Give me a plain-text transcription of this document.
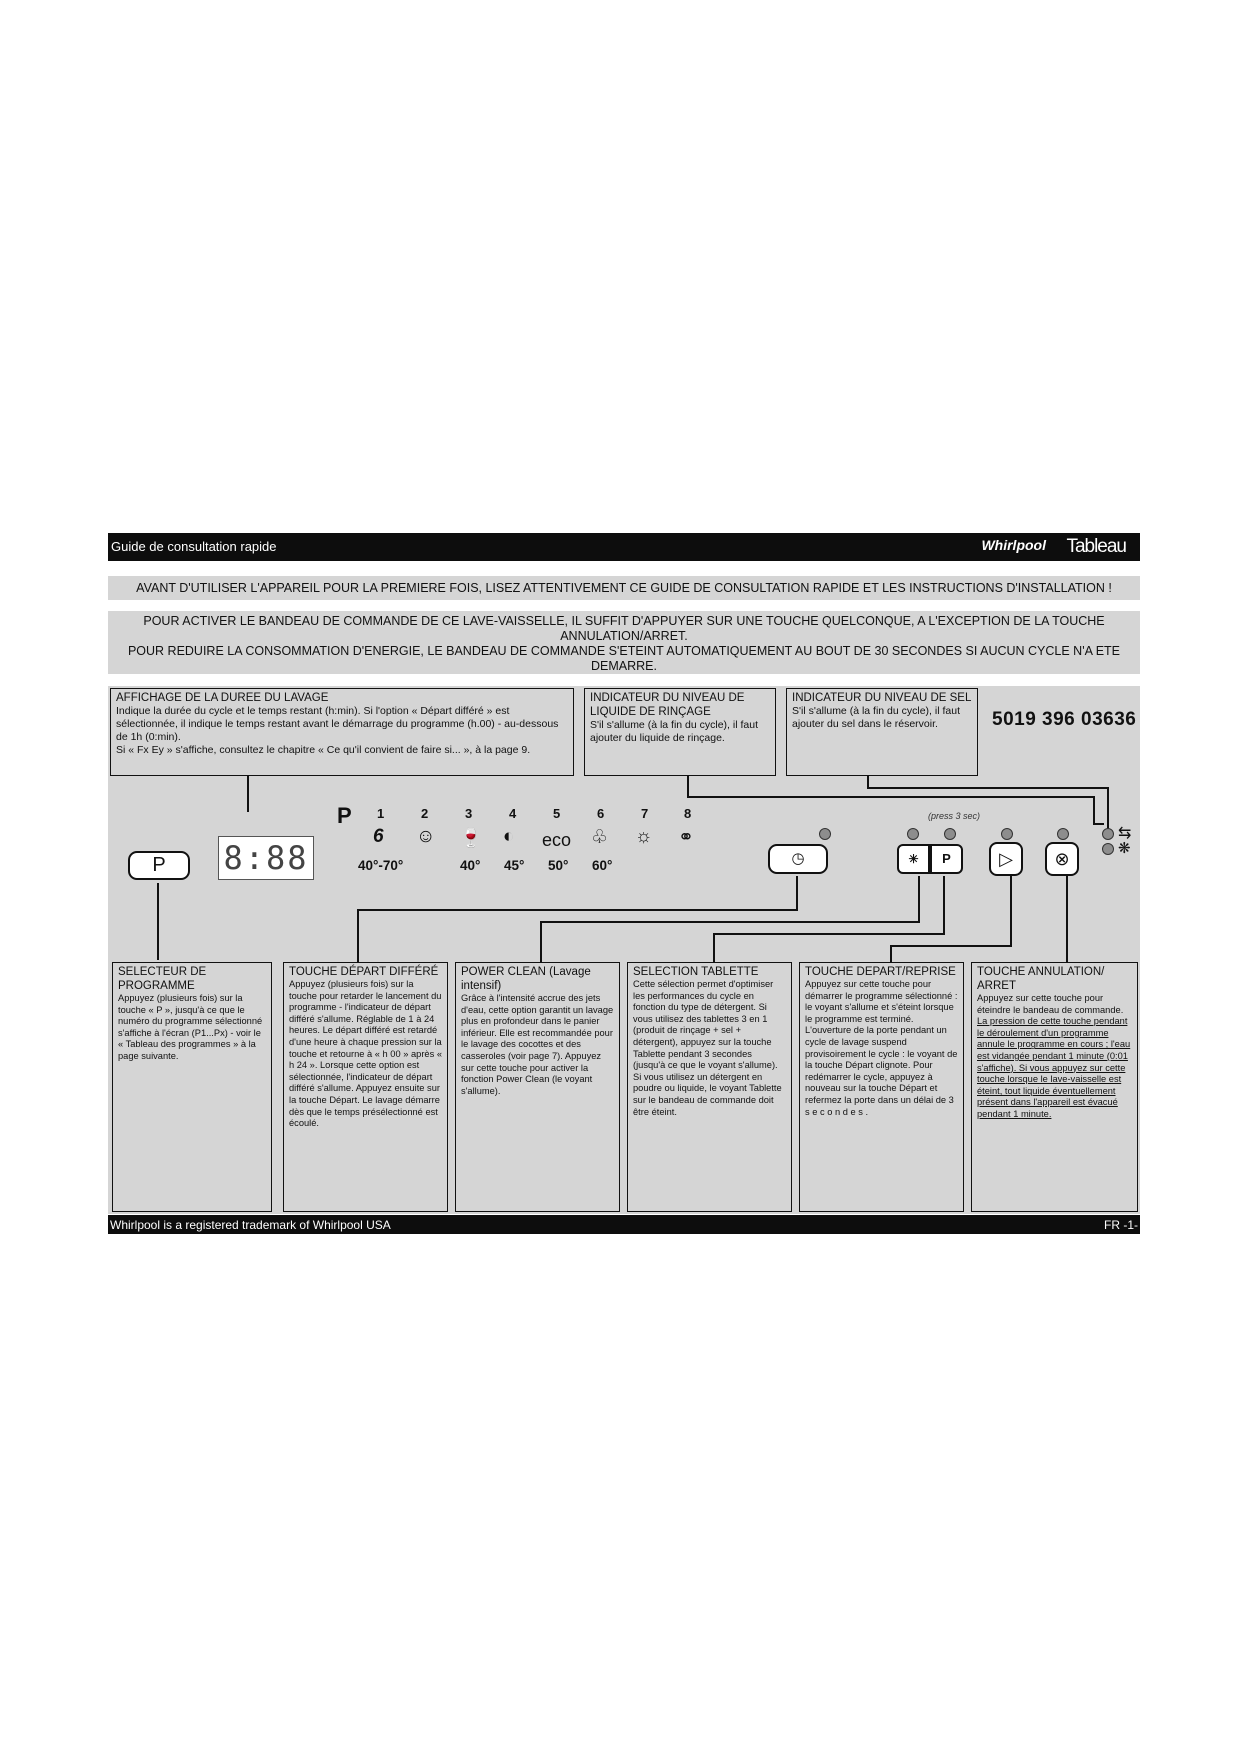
Guide de consultation rapide	Whirlpool Tableau
AVANT D'UTILISER L'APPAREIL POUR LA PREMIERE FOIS, LISEZ ATTENTIVEMENT CE GUIDE DE CONSULTATION RAPIDE ET LES INSTRUCTIONS D'INSTALLATION !

POUR ACTIVER LE BANDEAU DE COMMANDE DE CE LAVE-VAISSELLE, IL SUFFIT D'APPUYER SUR UNE TOUCHE QUELCONQUE, A L'EXCEPTION DE LA TOUCHE ANNULATION/ARRET.

POUR REDUIRE LA CONSOMMATION D'ENERGIE, LE BANDEAU DE COMMANDE S'ETEINT AUTOMATIQUEMENT AU BOUT DE 30 SECONDES SI AUCUN CYCLE N'A ETE DEMARRE.

AFFICHAGE DE LA DUREE DU LAVAGE
Indique la durée du cycle et le temps restant (h:min). Si l'option « Départ différé » est sélectionnée, il indique le temps restant avant le démarrage du programme (h.00) - au-dessous de 1h (0:min).
Si « Fx Ey » s'affiche, consultez le chapitre « Ce qu'il convient de faire si... », à la page 9.
INDICATEUR DU NIVEAU DE LIQUIDE DE RINÇAGE
S'il s'allume (à la fin du cycle), il faut ajouter du liquide de rinçage.
INDICATEUR DU NIVEAU DE SEL
S'il s'allume (à la fin du cycle), il faut ajouter du sel dans le réservoir.	5019 396 03636
P	8:88
P 1	2	3	4	5	6	7	8
6 ☺ 🍷 ◐ eco ♧ ☼ ⚭
40°-70°	40° 45° 50° 60°
⇆
❋
(press 3 sec)
◷	✳	P	▷	⊗
SELECTEUR DE PROGRAMME
Appuyez (plusieurs fois) sur la touche « P », jusqu'à ce que le numéro du programme sélectionné s'affiche à l'écran (P1...Px) - voir le « Tableau des programmes » à la page suivante.
TOUCHE DÉPART DIFFÉRÉ
Appuyez (plusieurs fois) sur la touche pour retarder le lancement du programme - l'indicateur de départ différé s'allume. Réglable de 1 à 24 heures. Le départ différé est retardé d'une heure à chaque pression sur la touche et retourne à « h 00 » après « h 24 ». Lorsque cette option est sélectionnée, l'indicateur de départ différé s'allume. Appuyez ensuite sur la touche Départ. Le lavage démarre dès que le temps présélectionné est écoulé.
POWER CLEAN (Lavage intensif)
Grâce à l'intensité accrue des jets d'eau, cette option garantit un lavage plus en profondeur dans le panier inférieur. Elle est recommandée pour le lavage des cocottes et des casseroles (voir page 7). Appuyez sur cette touche pour activer la fonction Power Clean (le voyant s'allume).
SELECTION TABLETTE
Cette sélection permet d'optimiser les performances du cycle en fonction du type de détergent. Si vous utilisez des tablettes 3 en 1 (produit de rinçage + sel + détergent), appuyez sur la touche Tablette pendant 3 secondes (jusqu'à ce que le voyant s'allume). Si vous utilisez un détergent en poudre ou liquide, le voyant Tablette sur le bandeau de commande doit être éteint.
TOUCHE DEPART/REPRISE
Appuyez sur cette touche pour démarrer le programme sélectionné : le voyant s'allume et s'éteint lorsque le programme est terminé. L'ouverture de la porte pendant un cycle de lavage suspend provisoirement le cycle : le voyant de la touche Départ clignote. Pour redémarrer le cycle, appuyez à nouveau sur la touche Départ et refermez la porte dans un délai de 3 s e c o n d e s .
TOUCHE ANNULATION/ ARRET
Appuyez sur cette touche pour éteindre le bandeau de commande.
La pression de cette touche pendant le déroulement d'un programme annule le programme en cours ; l'eau est vidangée pendant 1 minute (0:01 s'affiche). Si vous appuyez sur cette touche lorsque le lave-vaisselle est éteint, tout liquide éventuellement présent dans l'appareil est évacué pendant 1 minute.
Whirlpool is a registered trademark of Whirlpool USA	FR -1-
